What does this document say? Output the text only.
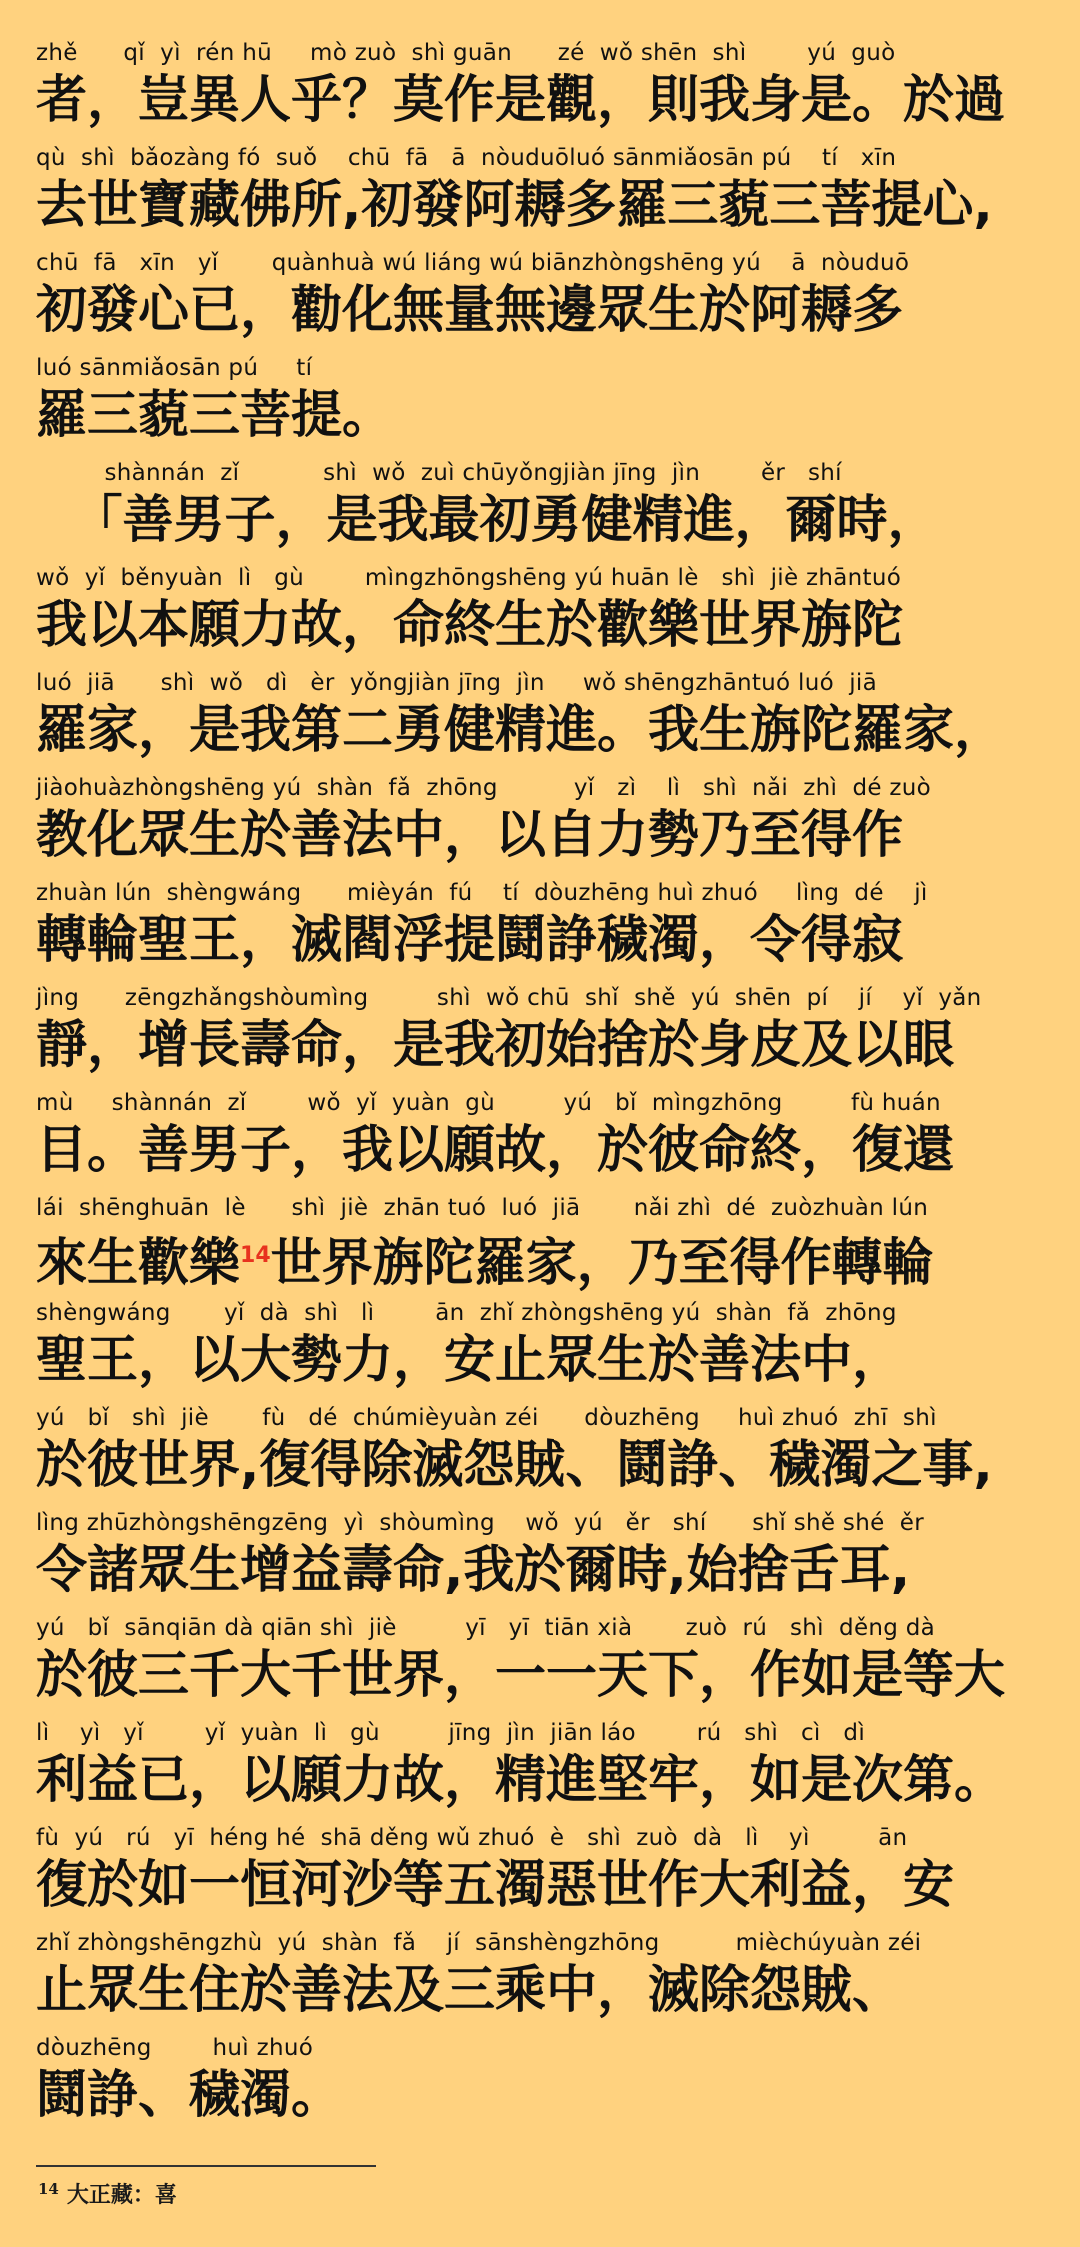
zhě      qǐ  yì  rén hū     mò zuò  shì guān      zé  wǒ shēn  shì        yú  guò
者，豈異人乎？莫作是觀，則我身是。於過
qù  shì  bǎozàng fó  suǒ    chū  fā   ā  nòuduōluó sānmiǎosān pú    tí   xīn
去世寶藏佛所,初發阿耨多羅三藐三菩提心,
chū  fā   xīn   yǐ       quànhuà wú liáng wú biānzhòngshēng yú    ā  nòuduō
初發心已，勸化無量無邊眾生於阿耨多
luó sānmiǎosān pú     tí
羅三藐三菩提。
shànnán  zǐ           shì  wǒ  zuì chūyǒngjiàn jīng  jìn        ěr   shí
「善男子，是我最初勇健精進，爾時，
wǒ  yǐ  běnyuàn  lì   gù        mìngzhōngshēng yú huān lè   shì  jiè zhāntuó
我以本願力故，命終生於歡樂世界旃陀
luó  jiā      shì  wǒ   dì   èr  yǒngjiàn jīng  jìn     wǒ shēngzhāntuó luó  jiā
羅家，是我第二勇健精進。我生旃陀羅家，
jiàohuàzhòngshēng yú  shàn  fǎ  zhōng          yǐ   zì    lì   shì  nǎi  zhì  dé zuò
教化眾生於善法中，以自力勢乃至得作
zhuàn lún  shèngwáng      mièyán  fú    tí  dòuzhēng huì zhuó     lìng  dé    jì
轉輪聖王，滅閻浮提鬪諍穢濁，令得寂
jìng      zēngzhǎngshòumìng         shì  wǒ chū  shǐ  shě  yú  shēn  pí    jí    yǐ  yǎn
靜，增長壽命，是我初始捨於身皮及以眼
mù     shànnán  zǐ        wǒ  yǐ  yuàn  gù         yú   bǐ  mìngzhōng         fù huán
目。善男子，我以願故，於彼命終，復還
lái  shēnghuān  lè      shì  jiè  zhān tuó  luó  jiā       nǎi zhì  dé  zuòzhuàn lún
來生歡樂$^{14}$世界旃陀羅家，乃至得作轉輪
shèngwáng       yǐ  dà  shì   lì        ān  zhǐ zhòngshēng yú  shàn  fǎ  zhōng
聖王，以大勢力，安止眾生於善法中，
yú   bǐ   shì  jiè       fù   dé  chúmièyuàn zéi      dòuzhēng     huì zhuó  zhī  shì
於彼世界,復得除滅怨賊、鬪諍、穢濁之事,
lìng zhūzhòngshēngzēng  yì  shòumìng    wǒ  yú   ěr   shí      shǐ shě shé  ěr
令諸眾生增益壽命,我於爾時,始捨舌耳,
yú   bǐ  sānqiān dà qiān shì  jiè         yī   yī  tiān xià       zuò  rú   shì  děng dà
於彼三千大千世界，一一天下，作如是等大
lì    yì   yǐ        yǐ  yuàn  lì   gù         jīng  jìn  jiān láo        rú   shì   cì   dì
利益已，以願力故，精進堅牢，如是次第。
fù  yú   rú   yī  héng hé  shā děng wǔ zhuó  è   shì  zuò  dà   lì    yì         ān
復於如一恒河沙等五濁惡世作大利益，安
zhǐ zhòngshēngzhù  yú  shàn  fǎ    jí  sānshèngzhōng          mièchúyuàn zéi
止眾生住於善法及三乘中，滅除怨賊、
dòuzhēng        huì zhuó
鬪諍、穢濁。
$^{14}$ 大正藏：喜
